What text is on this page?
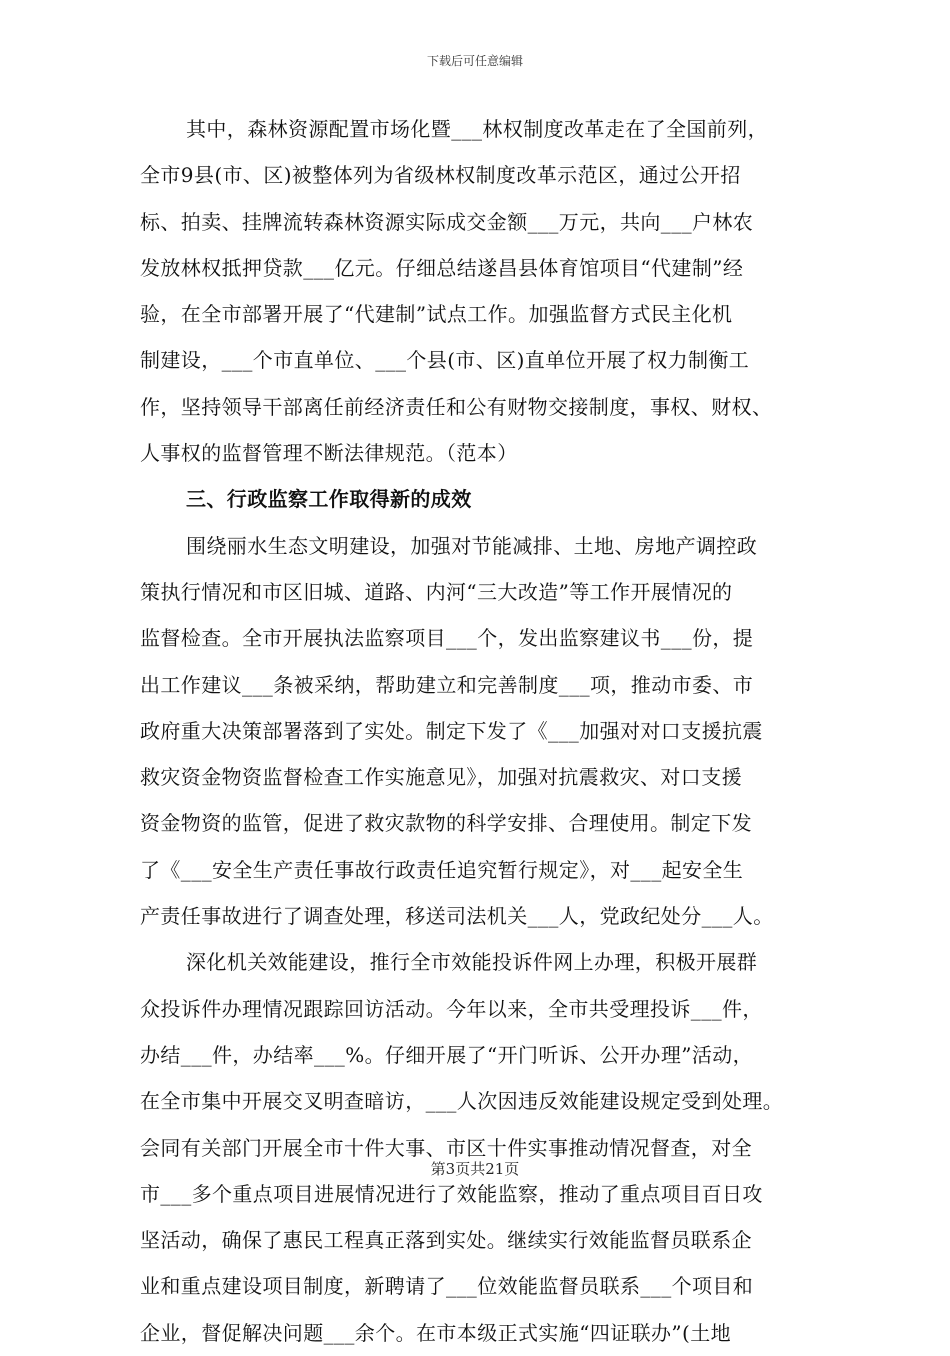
下载后可任意编辑
其中，森林资源配置市场化暨___林权制度改革走在了全国前列，
全市9县(市、区)被整体列为省级林权制度改革示范区，通过公开招
标、拍卖、挂牌流转森林资源实际成交金额___万元，共向___户林农
发放林权抵押贷款___亿元。仔细总结遂昌县体育馆项目“代建制”经
验，在全市部署开展了“代建制”试点工作。加强监督方式民主化机
制建设，___个市直单位、___个县(市、区)直单位开展了权力制衡工
作，坚持领导干部离任前经济责任和公有财物交接制度，事权、财权、
人事权的监督管理不断法律规范。（范本）
三、行政监察工作取得新的成效
围绕丽水生态文明建设，加强对节能减排、土地、房地产调控政
策执行情况和市区旧城、道路、内河“三大改造”等工作开展情况的
监督检查。全市开展执法监察项目___个，发出监察建议书___份，提
出工作建议___条被采纳，帮助建立和完善制度___项，推动市委、市
政府重大决策部署落到了实处。制定下发了《___加强对对口支援抗震
救灾资金物资监督检查工作实施意见》，加强对抗震救灾、对口支援
资金物资的监管，促进了救灾款物的科学安排、合理使用。制定下发
了《___安全生产责任事故行政责任追究暂行规定》，对___起安全生
产责任事故进行了调查处理，移送司法机关___人，党政纪处分___人。
深化机关效能建设，推行全市效能投诉件网上办理，积极开展群
众投诉件办理情况跟踪回访活动。今年以来，全市共受理投诉___件，
办结___件，办结率___%。仔细开展了“开门听诉、公开办理”活动，
在全市集中开展交叉明查暗访，___人次因违反效能建设规定受到处理。
会同有关部门开展全市十件大事、市区十件实事推动情况督查，对全
市___多个重点项目进展情况进行了效能监察，推动了重点项目百日攻
坚活动，确保了惠民工程真正落到实处。继续实行效能监督员联系企
业和重点建设项目制度，新聘请了___位效能监督员联系___个项目和
企业，督促解决问题___余个。在市本级正式实施“四证联办”(土地
第3页共21页
